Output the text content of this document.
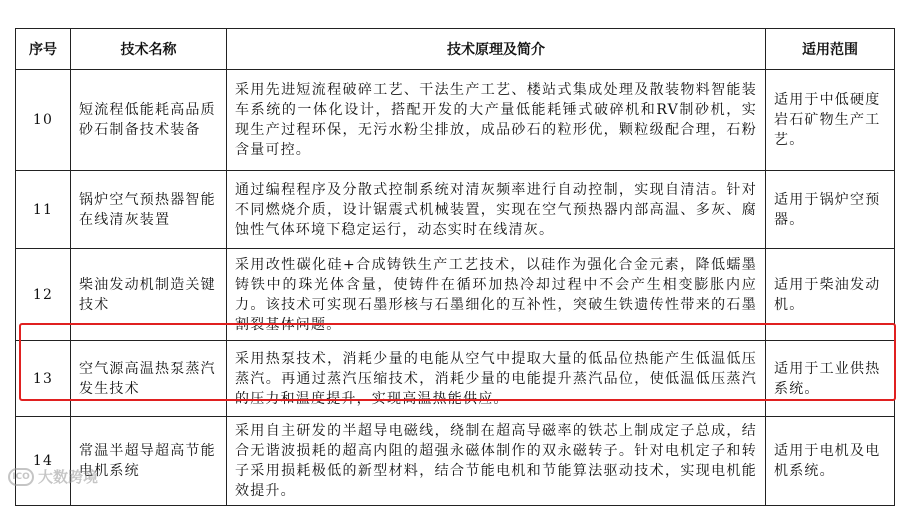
序号	技术名称	技术原理及简介	适用范围
10	短流程低能耗高品质砂石制备技术装备	采用先进短流程破碎工艺、干法生产工艺、楼站式集成处理及散装物料智能装车系统的一体化设计，搭配开发的大产量低能耗锤式破碎机和RV制砂机，实现生产过程环保，无污水粉尘排放，成品砂石的粒形优，颗粒级配合理，石粉含量可控。	适用于中低硬度岩石矿物生产工艺。
11	锅炉空气预热器智能在线清灰装置	通过编程程序及分散式控制系统对清灰频率进行自动控制，实现自清洁。针对不同燃烧介质，设计锯震式机械装置，实现在空气预热器内部高温、多灰、腐蚀性气体环境下稳定运行，动态实时在线清灰。	适用于锅炉空预器。
12	柴油发动机制造关键技术	采用改性碳化硅+合成铸铁生产工艺技术，以硅作为强化合金元素，降低蠕墨铸铁中的珠光体含量，使铸件在循环加热冷却过程中不会产生相变膨胀内应力。该技术可实现石墨形核与石墨细化的互补性，突破生铁遗传性带来的石墨割裂基体问题。	适用于柴油发动机。
13	空气源高温热泵蒸汽发生技术	采用热泵技术，消耗少量的电能从空气中提取大量的低品位热能产生低温低压蒸汽。再通过蒸汽压缩技术，消耗少量的电能提升蒸汽品位，使低温低压蒸汽的压力和温度提升，实现高温热能供应。	适用于工业供热系统。
14	常温半超导超高节能电机系统	采用自主研发的半超导电磁线，绕制在超高导磁率的铁芯上制成定子总成，结合无谐波损耗的超高内阻的超强永磁体制作的双永磁转子。针对电机定子和转子采用损耗极低的新型材料，结合节能电机和节能算法驱动技术，实现电机能效提升。	适用于电机及电机系统。
ICO 大数跨境
